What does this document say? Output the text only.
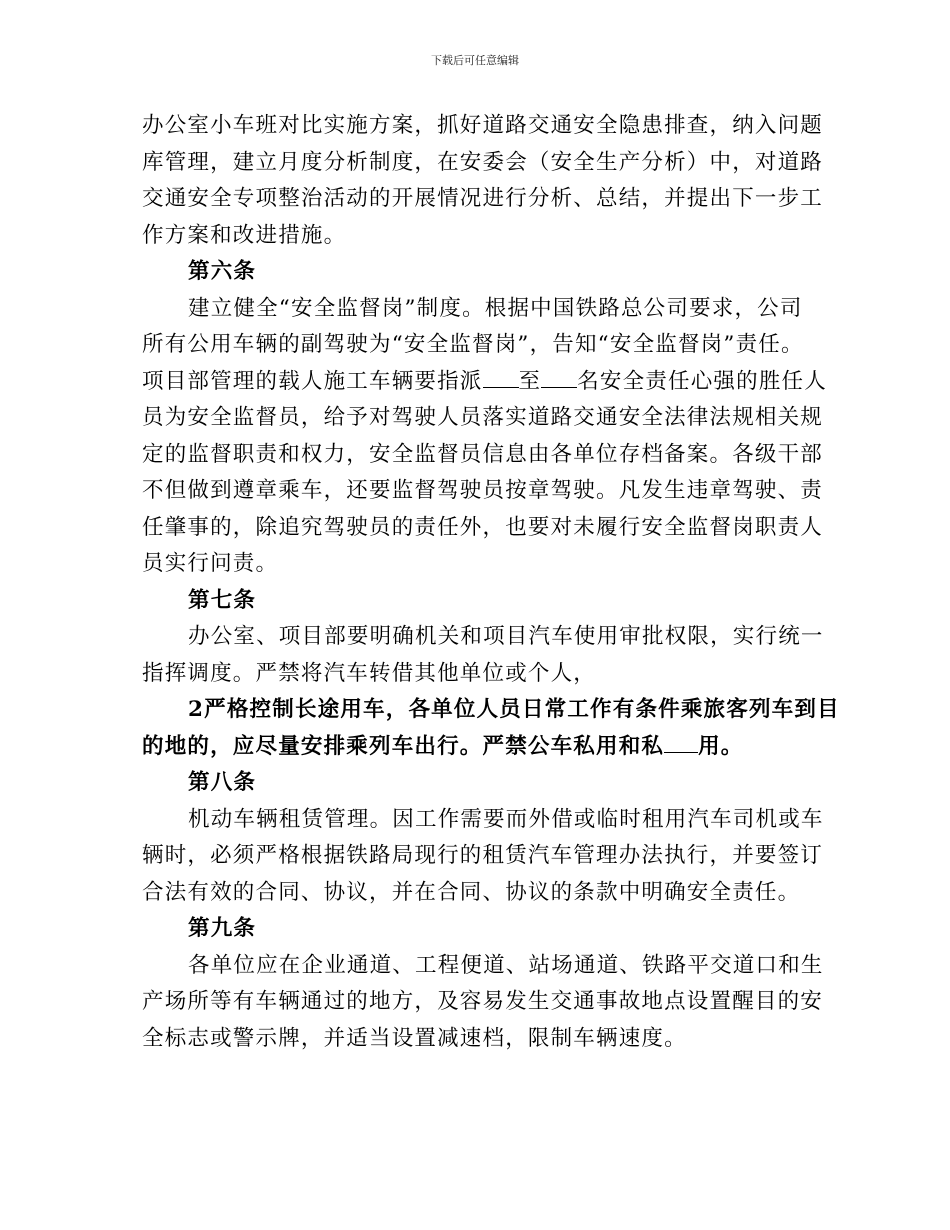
下载后可任意编辑

办公室小车班对比实施方案，抓好道路交通安全隐患排查，纳入问题
库管理，建立月度分析制度，在安委会（安全生产分析）中，对道路
交通安全专项整治活动的开展情况进行分析、总结，并提出下一步工
作方案和改进措施。

第六条

建立健全“安全监督岗”制度。根据中国铁路总公司要求，公司
所有公用车辆的副驾驶为“安全监督岗”，告知“安全监督岗”责任。
项目部管理的载人施工车辆要指派 至 名安全责任心强的胜任人
员为安全监督员，给予对驾驶人员落实道路交通安全法律法规相关规
定的监督职责和权力，安全监督员信息由各单位存档备案。各级干部
不但做到遵章乘车，还要监督驾驶员按章驾驶。凡发生违章驾驶、责
任肇事的，除追究驾驶员的责任外，也要对未履行安全监督岗职责人
员实行问责。

第七条

办公室、项目部要明确机关和项目汽车使用审批权限，实行统一
指挥调度。严禁将汽车转借其他单位或个人，

2严格控制长途用车，各单位人员日常工作有条件乘旅客列车到目
的地的，应尽量安排乘列车出行。严禁公车私用和私 用。

第八条

机动车辆租赁管理。因工作需要而外借或临时租用汽车司机或车
辆时，必须严格根据铁路局现行的租赁汽车管理办法执行，并要签订
合法有效的合同、协议，并在合同、协议的条款中明确安全责任。

第九条

各单位应在企业通道、工程便道、站场通道、铁路平交道口和生
产场所等有车辆通过的地方，及容易发生交通事故地点设置醒目的安
全标志或警示牌，并适当设置减速档，限制车辆速度。
